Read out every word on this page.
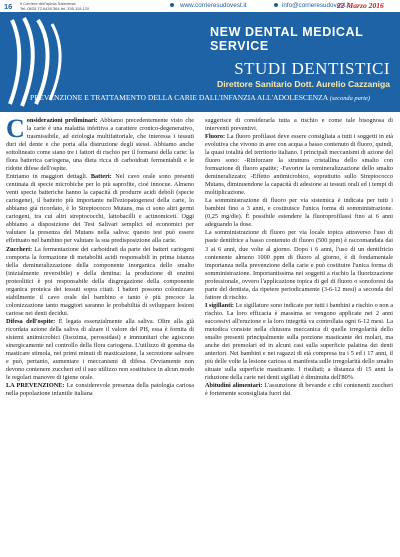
16 Il Corriere dell'Irpinia Salernese
Tel. 0825.72.6439.364 tel. 335.115.120	www.corrieresudovest.it	info@corrieresudovest.it
22 Marzo 2016
NEW DENTAL MEDICAL SERVICE
STUDI DENTISTICI
Direttore Sanitario Dott. Aurelio Cazzaniga
PREVENZIONE E TRATTAMENTO DELLA CARIE DALL'INFANZIA ALL'ADOLESCENZA (seconda parte)
C onsiderazioni preliminari: Abbiamo precedentemente visto che la carie è una malattia infettiva a carattere cronico-degenerativo, trasmissibile, ad eziologia multifattoriale, che interessa i tessuti duri del dente e che porta alla distruzione degli stessi. Abbiamo anche sottolineato come siano tre i fattori di rischio per il formarsi della carie: la flora batterica cariogena, una dieta ricca di carboidrati fermentabili e le ridotte difese dell'ospite.

Entriamo in maggiori dettagli. Batteri: Nel cavo orale sono presenti centinaia di specie microbiche per lo più saprofite, cioè innocue. Almeno venti specie batteriche hanno la capacità di produrre acidi deboli (specie cariogene), il batterio più importante nell'eziopatogenesi della carie, lo abbiamo già ricordato, è lo Streptococco Mutans, ma ci sono altri germi cariogeni, tra cui altri streptococchi, lattobacilli e actinomiceti. Oggi abbiamo a disposizione dei Test Salivari semplici ed economici per valutare la presenza del Mutans nella saliva: questo test può essere effettuato nel bambino per valutare la sua predisposizione alla carie.

Zuccheri: La fermentazione dei carboidrati da parte dei batteri cariogeni comporta la formazione di metaboliti acidi responsabili in prima istanza della demineralizzazione della componente inorganica dello smalto (inizialmente reversibile) e della dentina; la produzione di enzimi proteolitici è poi responsabile della disgregazione della componente organica proteica dei tessuti sopra citati. I batteri possono colonizzare stabilmente il cavo orale del bambino e tanto è più precoce la colonizzazione tanto maggiori saranno le probabilità di sviluppare lesioni cariose nei denti decidui.

Difesa dell'ospite: È legata essenzialmente alla saliva. Oltre alla già ricordata azione della saliva di alzare il valore del PH, essa è fornita di sistemi antimicrobici (lisozima, perossidasi) e immunitari che agiscono sinergicamente nel controllo della flora cariogena. L'utilizzo di gomma da masticare stimola, nei primi minuti di masticazione, la secrezione salivare e può, pertanto, aumentare i meccanismi di difesa. Ovviamente non devono contenere zuccheri ed il suo utilizzo non sostituisce in alcun modo le regolari manovre di igiene orale.

LA PREVENZIONE: Le considerevole presenza della patologia cariosa nella popolazione infantile italiana

suggerisce di considerarla tutta a rischio e come tale bisognosa di interventi preventivi.

Fluoro: La fluoro profilassi deve essere consigliata a tutti i soggetti in età evolutiva che vivono in aree con acqua a basso contenuto di fluoro, quindi, la quasi totalità del territorio italiano. I principali meccanismi di azione del fluoro sono: -Rinforzare la struttura cristallina dello smalto con formazione di fluoro apatite; -Favorire la remineralizzazione dello smalto demineralizzato; -Effetto antimicrobico, soprattutto sullo Streptococco Mutans, diminuendone la capacità di adesione ai tessuti orali ed i tempi di moltiplicazione.

La somministrazione di fluoro per via sistemica è indicata per tutti i bambini fino a 3 anni, e costituisce l'unica forma di somministrazione. (0,25 mg/die). È possibile estendere la fluoroprofilassi fino ai 6 anni adeguando la dose.

La somministrazione di fluoro per via locale topica attraverso l'uso di paste dentifrice a basso contenuto di fluoro (500 ppm) è raccomandata dai 3 ai 6 anni, due volte al giorno. Dopo i 6 anni, l'uso di un dentifricio contenente almeno 1000 ppm di fluoro al giorno, è di fondamentale importanza nella prevenzione della carie e può costituire l'unica forma di somministrazione. Importantissima nei soggetti a rischio la fluorizzazione professionale, ovvero l'applicazione topica di gel di fluoro o sonoforesi da parte del dentista, da ripetere periodicamente (3-6-12 mesi) a seconda del fattore di rischio.

I sigillanti: Le sigillature sono indicate per tutti i bambini a rischio o non a rischio. La loro efficacia è massima se vengono applicate nei 2 anni successivi all'eruzione e la loro integrità va controllata ogni 6-12 mesi. La metodica consiste nella chiusura meccanica di quelle irregolarità dello smalto presenti principalmente sulla porzione masticante dei molari, ma anche dei premolari ed in alcuni casi sulla superficie palatina dei denti anteriori. Nei bambini e nei ragazzi di età compresa tra i 5 ed i 17 anni, il più delle volte la lesione cariosa si manifesta sulle irregolarità dello smalto situate sulla superficie masticante. I risultati; a distanza di 15 anni la riduzione della carie nei denti sigillati è diminuita dell'80%.

Abitudini alimentari: L'assunzione di bevande e cibi contenenti zuccheri è fortemente sconsigliata fuori dai
